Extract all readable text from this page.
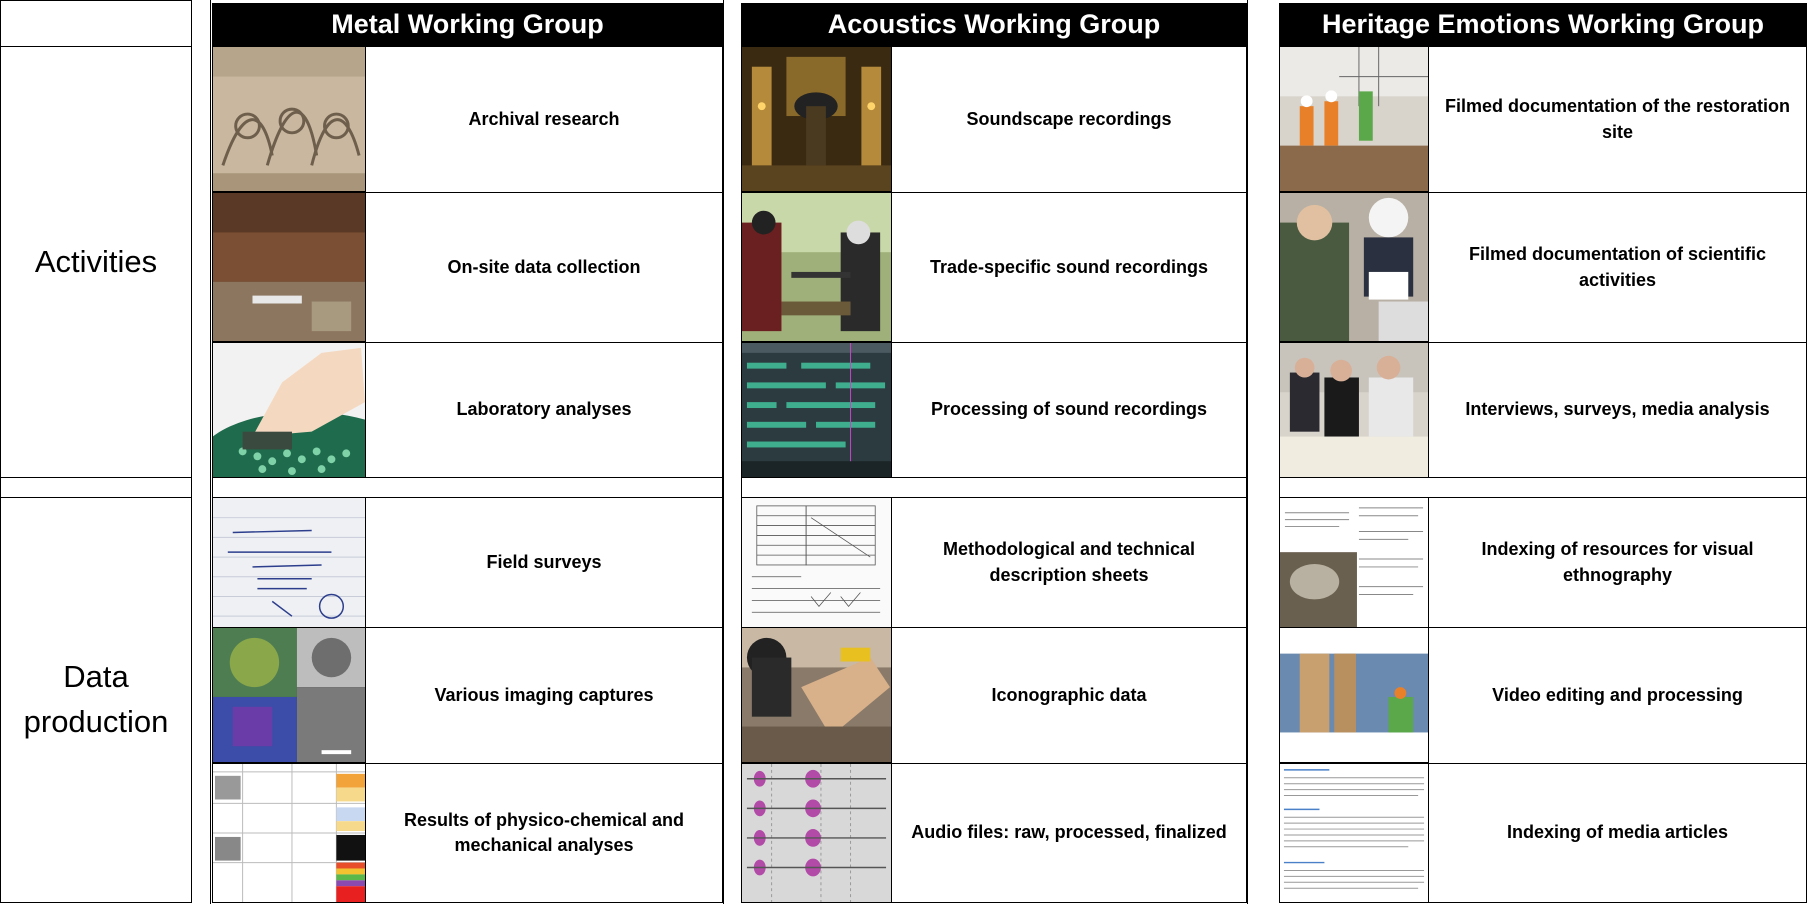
Activities
Data production
Metal Working Group	Acoustics Working Group	Heritage Emotions Working Group
Archival research
On-site data collection
Laboratory analyses
Field surveys
Various imaging captures
Results of physico-chemical and mechanical analyses
Soundscape recordings
Trade-specific sound recordings
Processing of sound recordings
Methodological and technical description sheets
Iconographic data
Audio files: raw, processed, finalized
Filmed documentation of the restoration site
Filmed documentation of scientific activities
Interviews, surveys, media analysis
Indexing of resources for visual ethnography
Video editing and processing
Indexing of media articles
